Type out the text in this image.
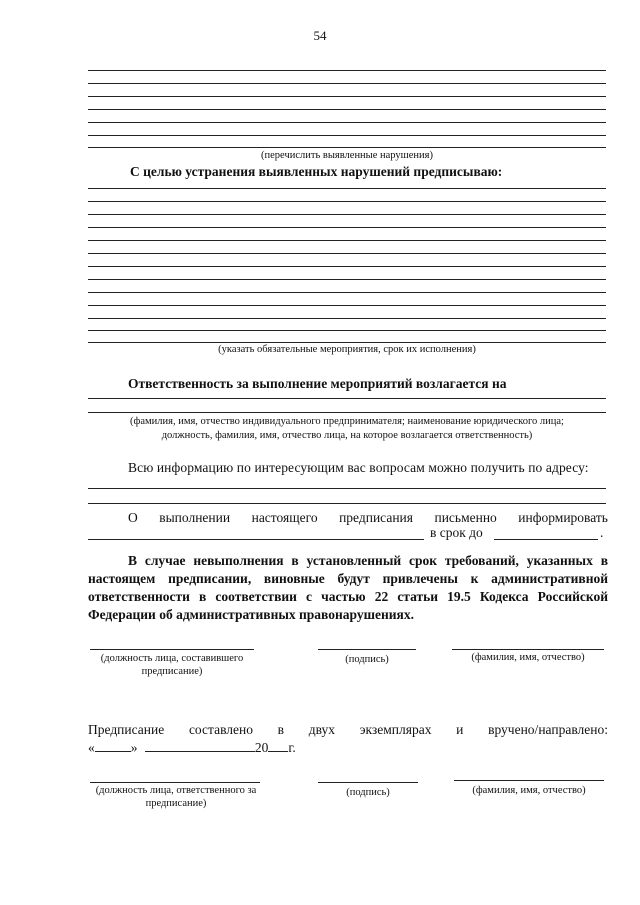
54
(перечислить выявленные нарушения)
С целью устранения выявленных нарушений предписываю:
(указать обязательные мероприятия, срок их исполнения)
Ответственность за выполнение мероприятий возлагается на
(фамилия, имя, отчество индивидуального предпринимателя; наименование юридического лица;
должность, фамилия, имя, отчество лица, на которое возлагается ответственность)
Всю информацию по интересующим вас вопросам можно получить по адресу:
О выполнении настоящего предписания письменно информировать
в срок до	.
В случае невыполнения в установленный срок требований, указанных в настоящем предписании, виновные будут привлечены к административной ответственности в соответствии с частью 22 статьи 19.5 Кодекса Российской Федерации об административных правонарушениях.
(должность лица, составившего предписание)
(подпись)	(фамилия, имя, отчество)
Предписание составлено в двух экземплярах и вручено/направлено:
«	»	20 г.
(должность лица, ответственного за предписание)
(подпись)	(фамилия, имя, отчество)
